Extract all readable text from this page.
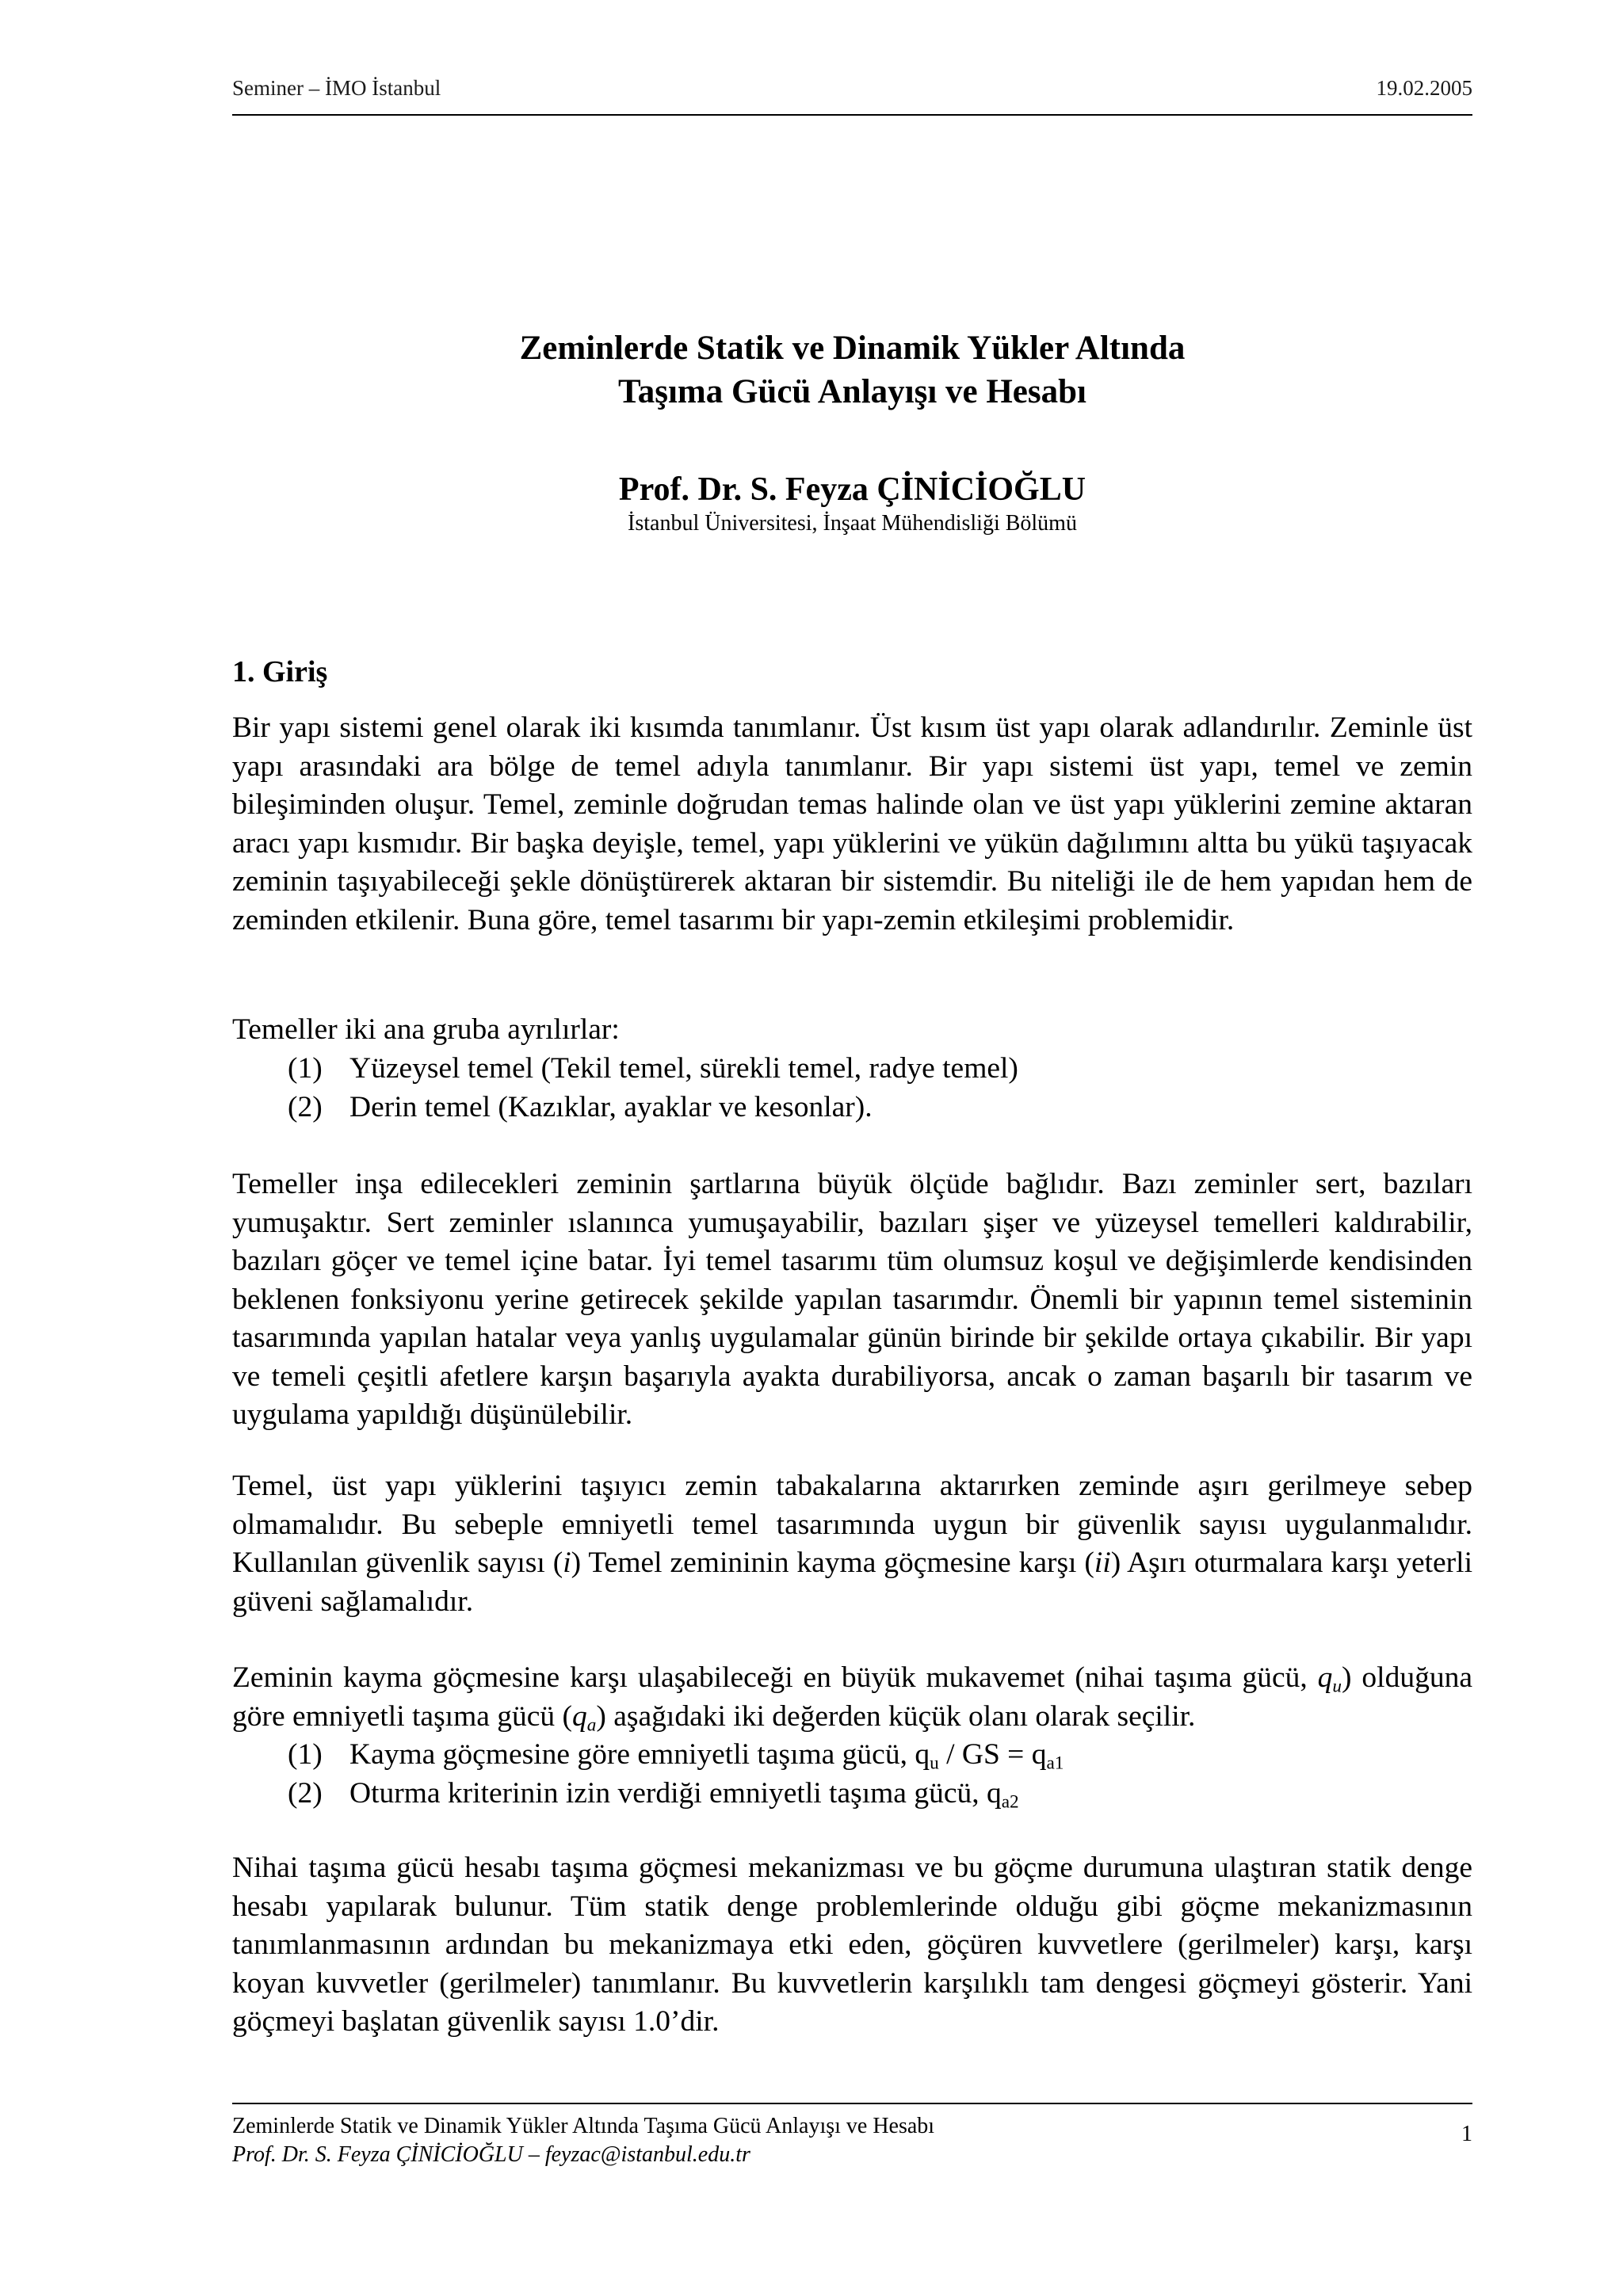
Seminer – İMO İstanbul	19.02.2005
Zeminlerde Statik ve Dinamik Yükler Altında
Taşıma Gücü Anlayışı ve Hesabı
Prof. Dr. S. Feyza ÇİNİCİOĞLU
İstanbul Üniversitesi, İnşaat Mühendisliği Bölümü
1. Giriş
Bir yapı sistemi genel olarak iki kısımda tanımlanır. Üst kısım üst yapı olarak adlandırılır. Zeminle üst yapı arasındaki ara bölge de temel adıyla tanımlanır. Bir yapı sistemi üst yapı, temel ve zemin bileşiminden oluşur. Temel, zeminle doğrudan temas halinde olan ve üst yapı yüklerini zemine aktaran aracı yapı kısmıdır. Bir başka deyişle, temel, yapı yüklerini ve yükün dağılımını altta bu yükü taşıyacak zeminin taşıyabileceği şekle dönüştürerek aktaran bir sistemdir. Bu niteliği ile de hem yapıdan hem de zeminden etkilenir. Buna göre, temel tasarımı bir yapı-zemin etkileşimi problemidir.
Temeller iki ana gruba ayrılırlar:
(1) Yüzeysel temel (Tekil temel, sürekli temel, radye temel)
(2) Derin temel (Kazıklar, ayaklar ve kesonlar).
Temeller inşa edilecekleri zeminin şartlarına büyük ölçüde bağlıdır. Bazı zeminler sert, bazıları yumuşaktır. Sert zeminler ıslanınca yumuşayabilir, bazıları şişer ve yüzeysel temelleri kaldırabilir, bazıları göçer ve temel içine batar. İyi temel tasarımı tüm olumsuz koşul ve değişimlerde kendisinden beklenen fonksiyonu yerine getirecek şekilde yapılan tasarımdır. Önemli bir yapının temel sisteminin tasarımında yapılan hatalar veya yanlış uygulamalar günün birinde bir şekilde ortaya çıkabilir. Bir yapı ve temeli çeşitli afetlere karşın başarıyla ayakta durabiliyorsa, ancak o zaman başarılı bir tasarım ve uygulama yapıldığı düşünülebilir.
Temel, üst yapı yüklerini taşıyıcı zemin tabakalarına aktarırken zeminde aşırı gerilmeye sebep olmamalıdır. Bu sebeple emniyetli temel tasarımında uygun bir güvenlik sayısı uygulanmalıdır. Kullanılan güvenlik sayısı (i) Temel zemininin kayma göçmesine karşı (ii) Aşırı oturmalara karşı yeterli güveni sağlamalıdır.
Zeminin kayma göçmesine karşı ulaşabileceği en büyük mukavemet (nihai taşıma gücü, $q_u$) olduğuna göre emniyetli taşıma gücü $(q_a)$ aşağıdaki iki değerden küçük olanı olarak seçilir.
(1) Kayma göçmesine göre emniyetli taşıma gücü, $q_u$ / GS = $q_{a1}$
(2) Oturma kriterinin izin verdiği emniyetli taşıma gücü, $q_{a2}$
Nihai taşıma gücü hesabı taşıma göçmesi mekanizması ve bu göçme durumuna ulaştıran statik denge hesabı yapılarak bulunur. Tüm statik denge problemlerinde olduğu gibi göçme mekanizmasının tanımlanmasının ardından bu mekanizmaya etki eden, göçüren kuvvetlere (gerilmeler) karşı, karşı koyan kuvvetler (gerilmeler) tanımlanır. Bu kuvvetlerin karşılıklı tam dengesi göçmeyi gösterir. Yani göçmeyi başlatan güvenlik sayısı 1.0’dir.
Zeminlerde Statik ve Dinamik Yükler Altında Taşıma Gücü Anlayışı ve Hesabı
Prof. Dr. S. Feyza ÇİNİCİOĞLU – feyzac@istanbul.edu.tr
1
